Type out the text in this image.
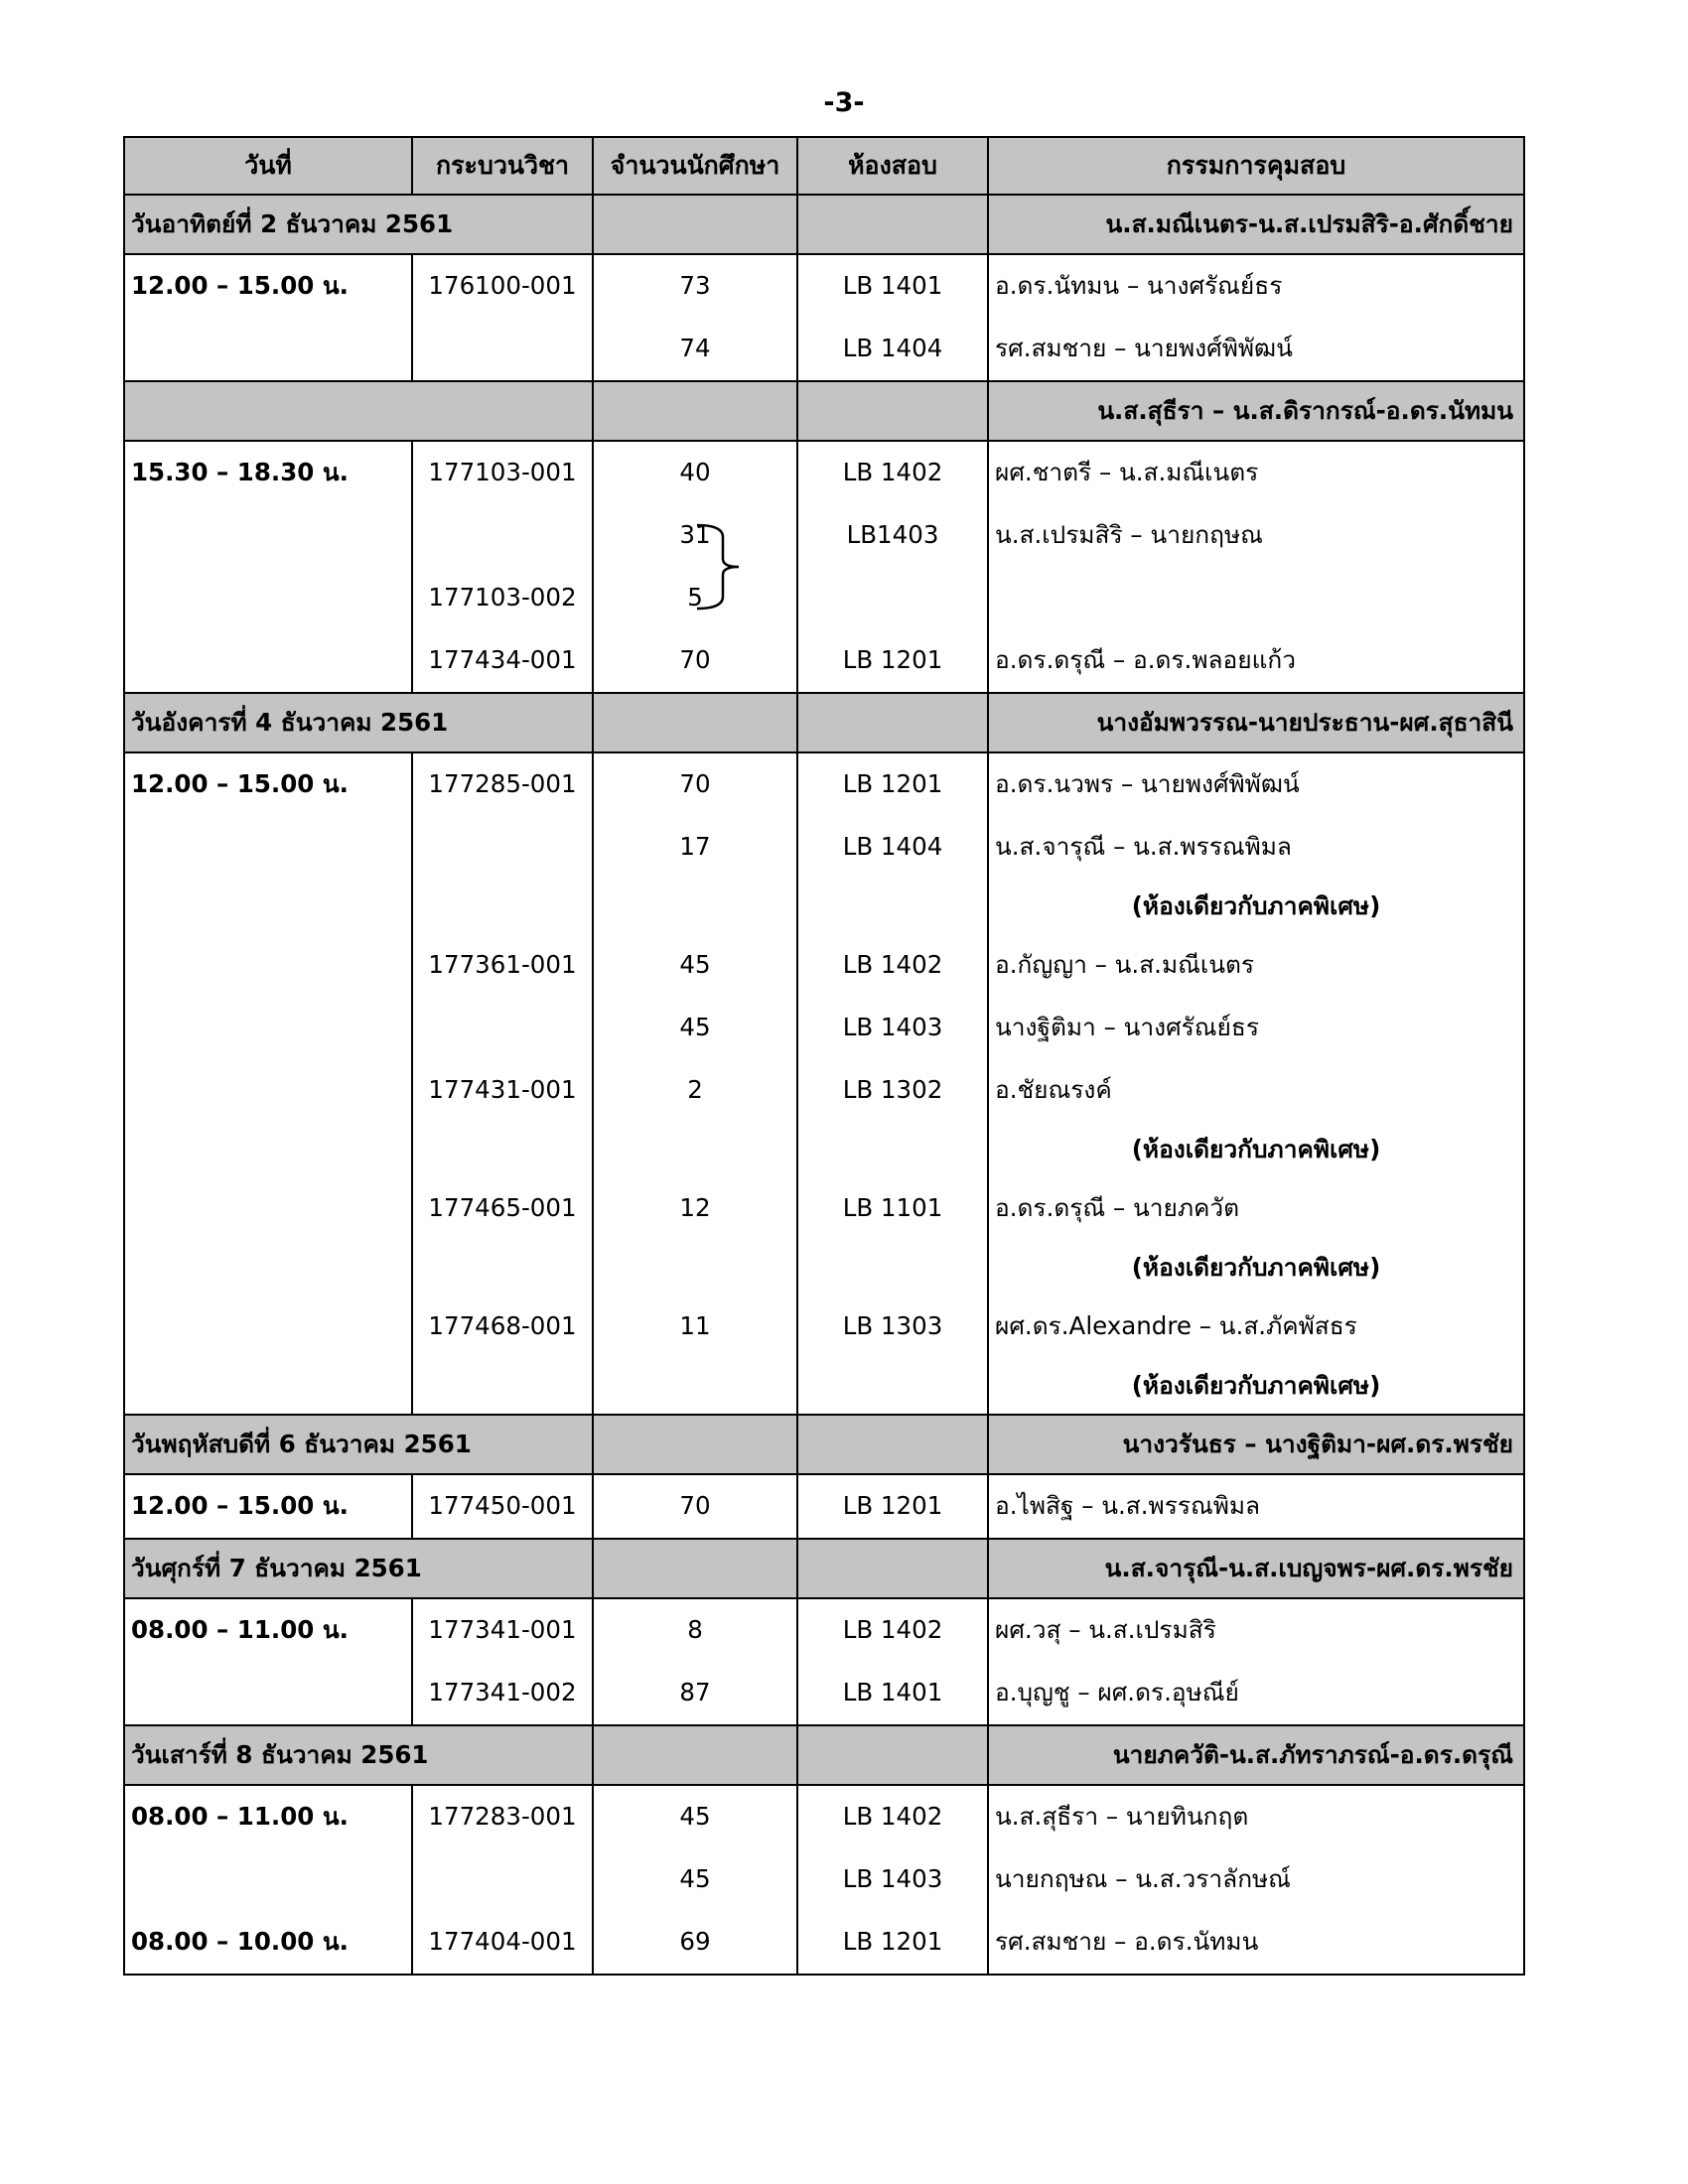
-3-
วันที่	กระบวนวิชา	จำนวนนักศึกษา	ห้องสอบ	กรรมการคุมสอบ
วันอาทิตย์ที่ 2 ธันวาคม 2561				น.ส.มณีเนตร-น.ส.เปรมสิริ-อ.ศักดิ์ชาย
12.00 – 15.00 น.	176100-001	73	LB 1401	อ.ดร.นัทมน – นางศรัณย์ธร
		74	LB 1404	รศ.สมชาย – นายพงศ์พิพัฒน์
				น.ส.สุธีรา – น.ส.ดิรากรณ์-อ.ดร.นัทมน
15.30 – 18.30 น.	177103-001	40	LB 1402	ผศ.ชาตรี – น.ส.มณีเนตร
		31	LB1403	น.ส.เปรมสิริ – นายกฤษณ
	177103-002	5		
	177434-001	70	LB 1201	อ.ดร.ดรุณี – อ.ดร.พลอยแก้ว
วันอังคารที่ 4 ธันวาคม 2561				นางอัมพวรรณ-นายประธาน-ผศ.สุธาสินี
12.00 – 15.00 น.	177285-001	70	LB 1201	อ.ดร.นวพร – นายพงศ์พิพัฒน์
		17	LB 1404	น.ส.จารุณี – น.ส.พรรณพิมล
				(ห้องเดียวกับภาคพิเศษ)
	177361-001	45	LB 1402	อ.กัญญา – น.ส.มณีเนตร
		45	LB 1403	นางฐิติมา – นางศรัณย์ธร
	177431-001	2	LB 1302	อ.ชัยณรงค์
				(ห้องเดียวกับภาคพิเศษ)
	177465-001	12	LB 1101	อ.ดร.ดรุณี – นายภควัต
				(ห้องเดียวกับภาคพิเศษ)
	177468-001	11	LB 1303	ผศ.ดร.Alexandre – น.ส.ภัคพัสธร
				(ห้องเดียวกับภาคพิเศษ)
วันพฤหัสบดีที่ 6 ธันวาคม 2561				นางวรันธร – นางฐิติมา-ผศ.ดร.พรชัย
12.00 – 15.00 น.	177450-001	70	LB 1201	อ.ไพสิฐ – น.ส.พรรณพิมล
วันศุกร์ที่ 7 ธันวาคม 2561				น.ส.จารุณี-น.ส.เบญจพร-ผศ.ดร.พรชัย
08.00 – 11.00 น.	177341-001	8	LB 1402	ผศ.วสุ – น.ส.เปรมสิริ
	177341-002	87	LB 1401	อ.บุญชู – ผศ.ดร.อุษณีย์
วันเสาร์ที่ 8 ธันวาคม 2561				นายภควัติ-น.ส.ภัทราภรณ์-อ.ดร.ดรุณี
08.00 – 11.00 น.	177283-001	45	LB 1402	น.ส.สุธีรา – นายทินกฤต
		45	LB 1403	นายกฤษณ – น.ส.วราลักษณ์
08.00 – 10.00 น.	177404-001	69	LB 1201	รศ.สมชาย – อ.ดร.นัทมน
